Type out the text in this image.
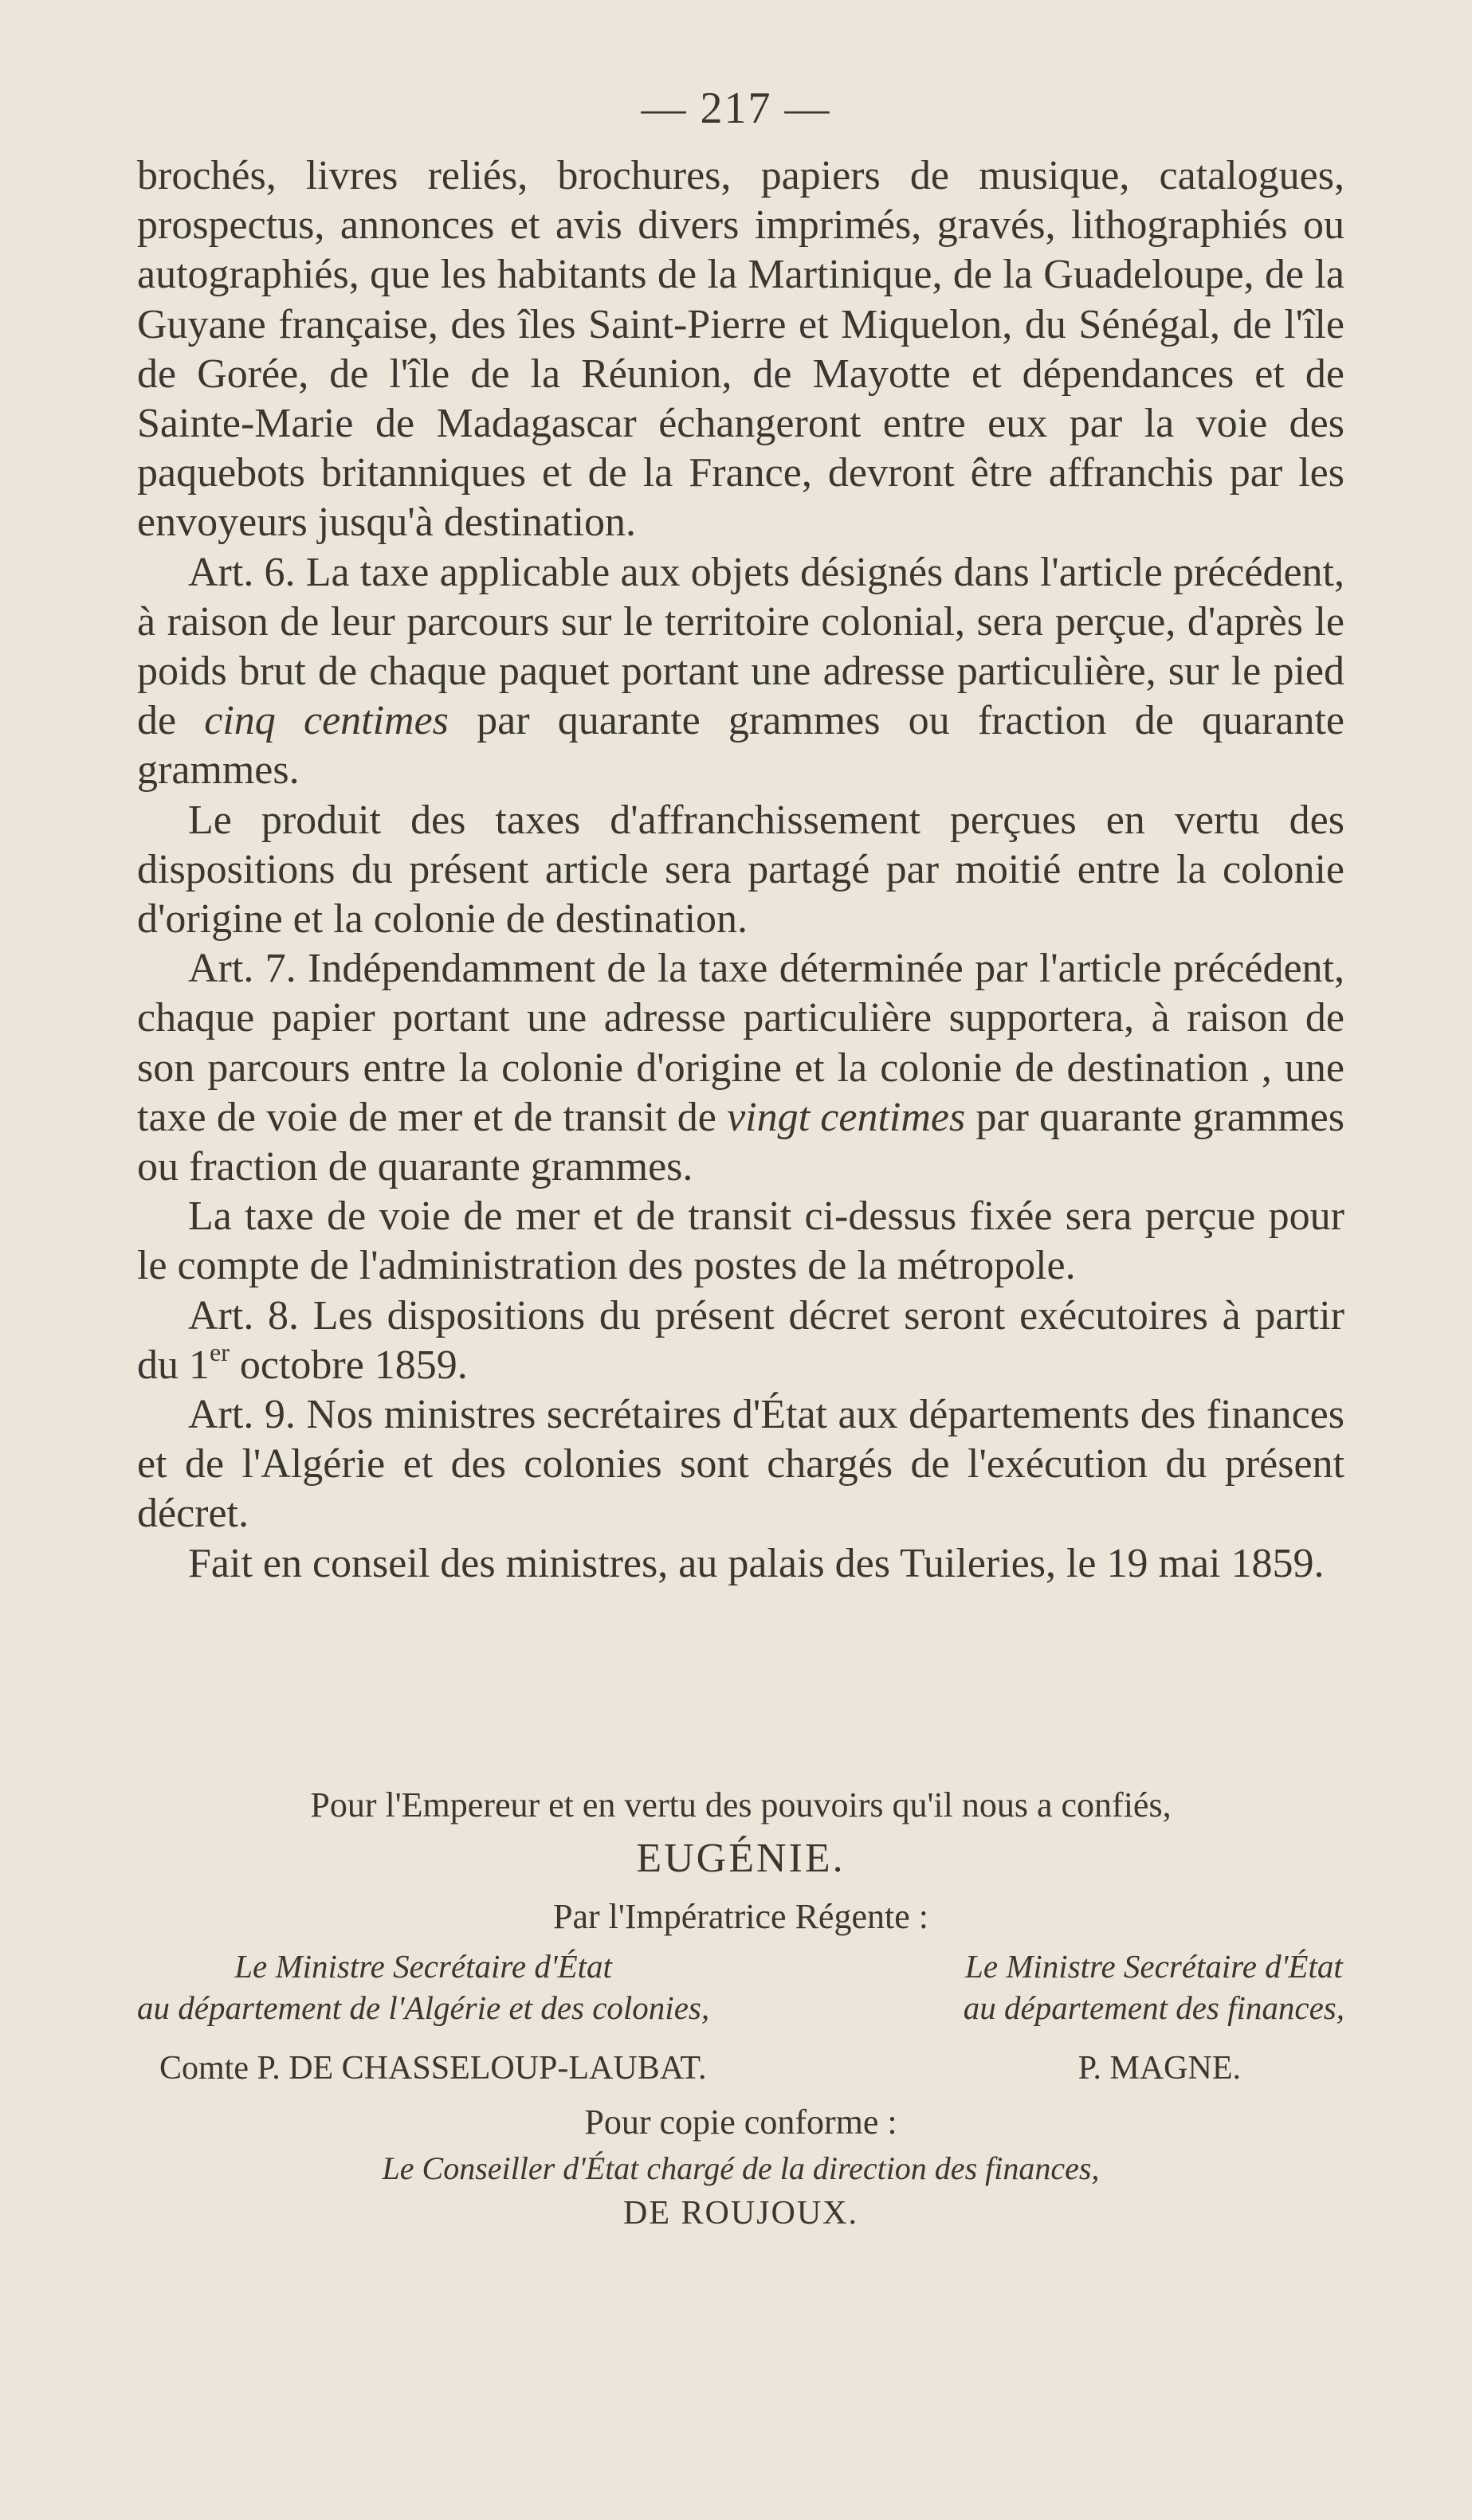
— 217 —

brochés, livres reliés, brochures, papiers de musique, catalogues, prospectus, annonces et avis divers imprimés, gravés, lithographiés ou autographiés, que les habitants de la Martinique, de la Guadeloupe, de la Guyane française, des îles Saint-Pierre et Miquelon, du Sénégal, de l'île de Gorée, de l'île de la Réunion, de Mayotte et dépendances et de Sainte-Marie de Madagascar échangeront entre eux par la voie des paquebots britanniques et de la France, devront être affranchis par les envoyeurs jusqu'à destination.

Art. 6. La taxe applicable aux objets désignés dans l'article précédent, à raison de leur parcours sur le territoire colonial, sera perçue, d'après le poids brut de chaque paquet portant une adresse particulière, sur le pied de cinq centimes par quarante grammes ou fraction de quarante grammes.

Le produit des taxes d'affranchissement perçues en vertu des dispositions du présent article sera partagé par moitié entre la colonie d'origine et la colonie de destination.

Art. 7. Indépendamment de la taxe déterminée par l'article précédent, chaque papier portant une adresse particulière supportera, à raison de son parcours entre la colonie d'origine et la colonie de destination , une taxe de voie de mer et de transit de vingt centimes par quarante grammes ou fraction de quarante grammes.

La taxe de voie de mer et de transit ci-dessus fixée sera perçue pour le compte de l'administration des postes de la métropole.

Art. 8. Les dispositions du présent décret seront exécutoires à partir du 1er octobre 1859.

Art. 9. Nos ministres secrétaires d'État aux départements des finances et de l'Algérie et des colonies sont chargés de l'exécution du présent décret.

Fait en conseil des ministres, au palais des Tuileries, le 19 mai 1859.

Pour l'Empereur et en vertu des pouvoirs qu'il nous a confiés,
EUGÉNIE.
Par l'Impératrice Régente :
Le Ministre Secrétaire d'État
au département de l'Algérie et des colonies,
Le Ministre Secrétaire d'État
au département des finances,
Comte P. DE CHASSELOUP-LAUBAT.	P. MAGNE.
Pour copie conforme :
Le Conseiller d'État chargé de la direction des finances,
DE ROUJOUX.
